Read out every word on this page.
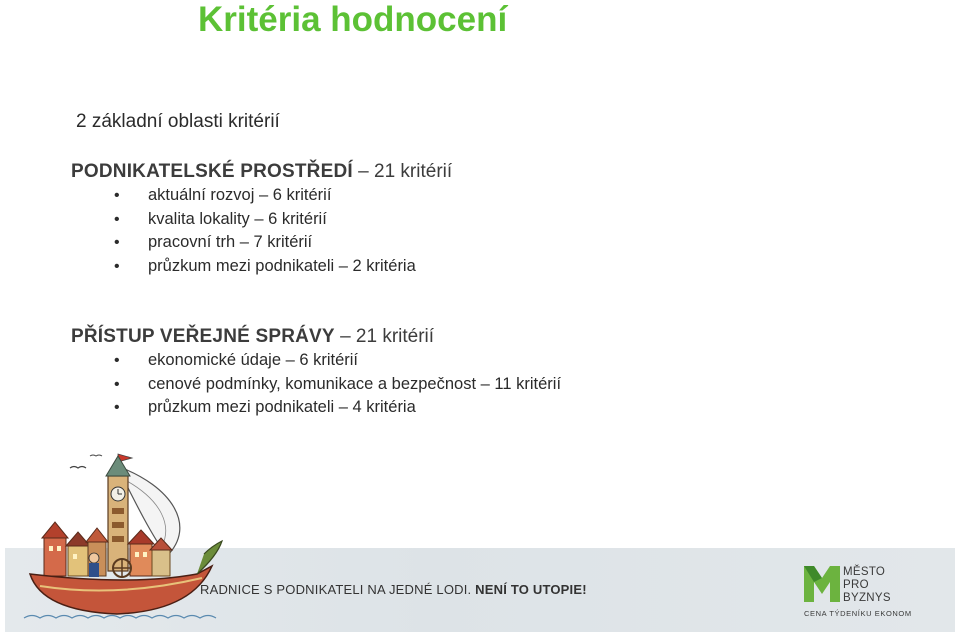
Kritéria hodnocení
2 základní oblasti kritérií
PODNIKATELSKÉ PROSTŘEDÍ – 21 kritérií
• aktuální rozvoj – 6 kritérií
• kvalita lokality – 6 kritérií
• pracovní trh – 7 kritérií
• průzkum mezi podnikateli – 2 kritéria
PŘÍSTUP VEŘEJNÉ SPRÁVY – 21 kritérií
• ekonomické údaje – 6 kritérií
• cenové podmínky, komunikace a bezpečnost – 11 kritérií
• průzkum mezi podnikateli – 4 kritéria
RADNICE S PODNIKATELI NA JEDNÉ LODI. NENÍ TO UTOPIE!
MĚSTO
PRO
BYZNYS
CENA TÝDENÍKU EKONOM
